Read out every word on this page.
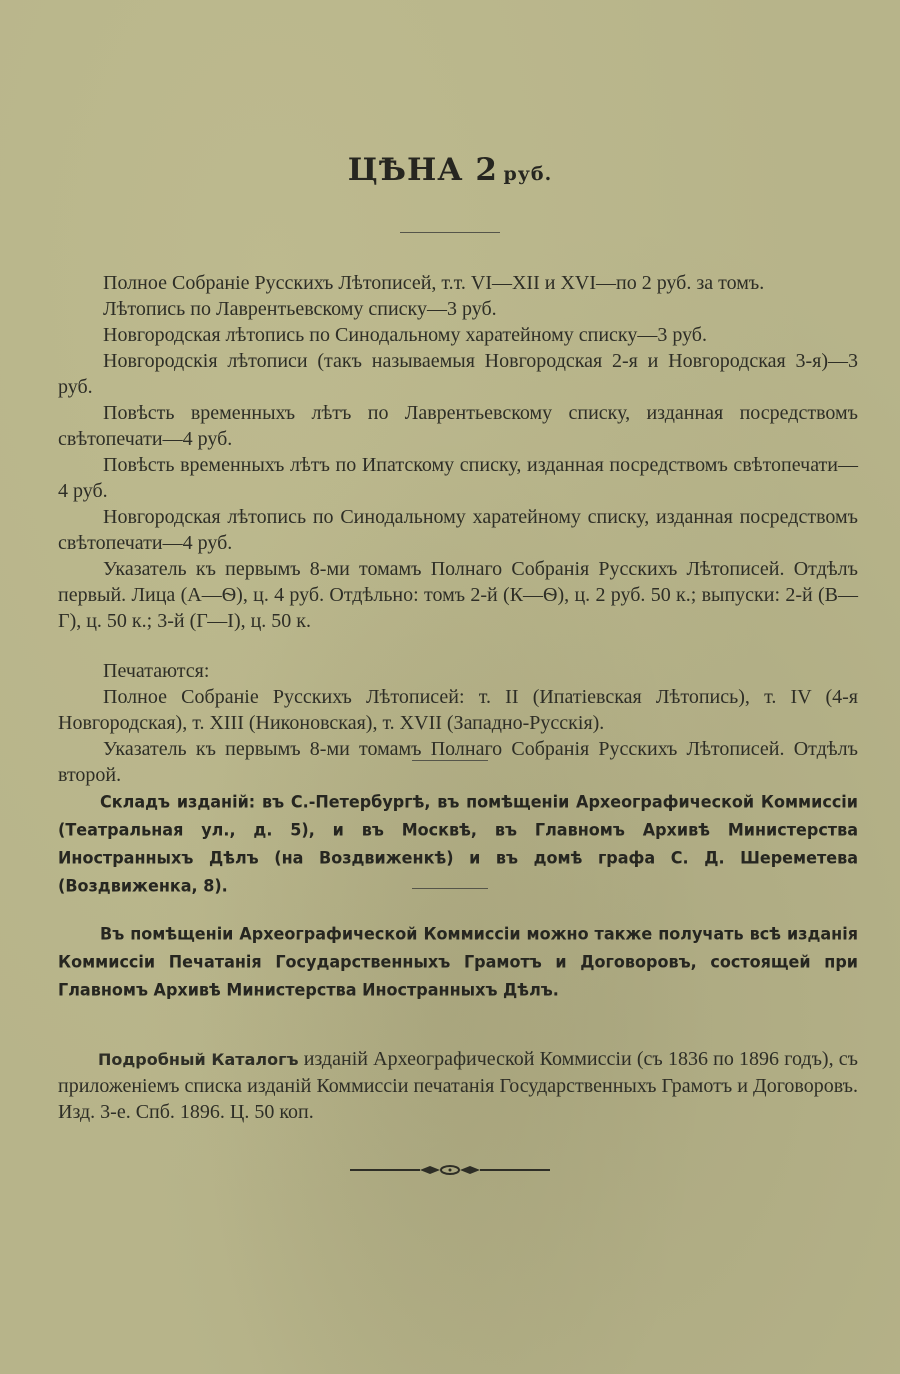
ЦѢНА 2 руб.

Полное Собраніе Русскихъ Лѣтописей, т.т. VI—XII и XVI—по 2 руб. за томъ.

Лѣтопись по Лаврентьевскому списку—3 руб.

Новгородская лѣтопись по Синодальному харатейному списку—3 руб.

Новгородскія лѣтописи (такъ называемыя Новгородская 2-я и Новгородская 3-я)—3 руб.

Повѣсть временныхъ лѣтъ по Лаврентьевскому списку, изданная посредствомъ свѣтопечати—4 руб.

Повѣсть временныхъ лѣтъ по Ипатскому списку, изданная посредствомъ свѣтопечати—4 руб.

Новгородская лѣтопись по Синодальному харатейному списку, изданная посредствомъ свѣтопечати—4 руб.

Указатель къ первымъ 8-ми томамъ Полнаго Собранія Русскихъ Лѣтописей. Отдѣлъ первый. Лица (А—Ѳ), ц. 4 руб. Отдѣльно: томъ 2-й (К—Ѳ), ц. 2 руб. 50 к.; выпуски: 2-й (В—Г), ц. 50 к.; 3-й (Г—І), ц. 50 к.

Печатаются:

Полное Собраніе Русскихъ Лѣтописей: т. II (Ипатіевская Лѣтопись), т. IV (4-я Новгородская), т. XIII (Никоновская), т. XVII (Западно-Русскія).

Указатель къ первымъ 8-ми томамъ Полнаго Собранія Русскихъ Лѣтописей. Отдѣлъ второй.

Складъ изданій: въ С.-Петербургѣ, въ помѣщеніи Археографической Коммиссіи (Театральная ул., д. 5), и въ Москвѣ, въ Главномъ Архивѣ Министерства Иностранныхъ Дѣлъ (на Воздвиженкѣ) и въ домѣ графа С. Д. Шереметева (Воздвиженка, 8).

Въ помѣщеніи Археографической Коммиссіи можно также получать всѣ изданія Коммиссіи Печатанія Государственныхъ Грамотъ и Договоровъ, состоящей при Главномъ Архивѣ Министерства Иностранныхъ Дѣлъ.

Подробный Каталогъ изданій Археографической Коммиссіи (съ 1836 по 1896 годъ), съ приложеніемъ списка изданій Коммиссіи печатанія Государственныхъ Грамотъ и Договоровъ. Изд. 3-е. Спб. 1896. Ц. 50 коп.
